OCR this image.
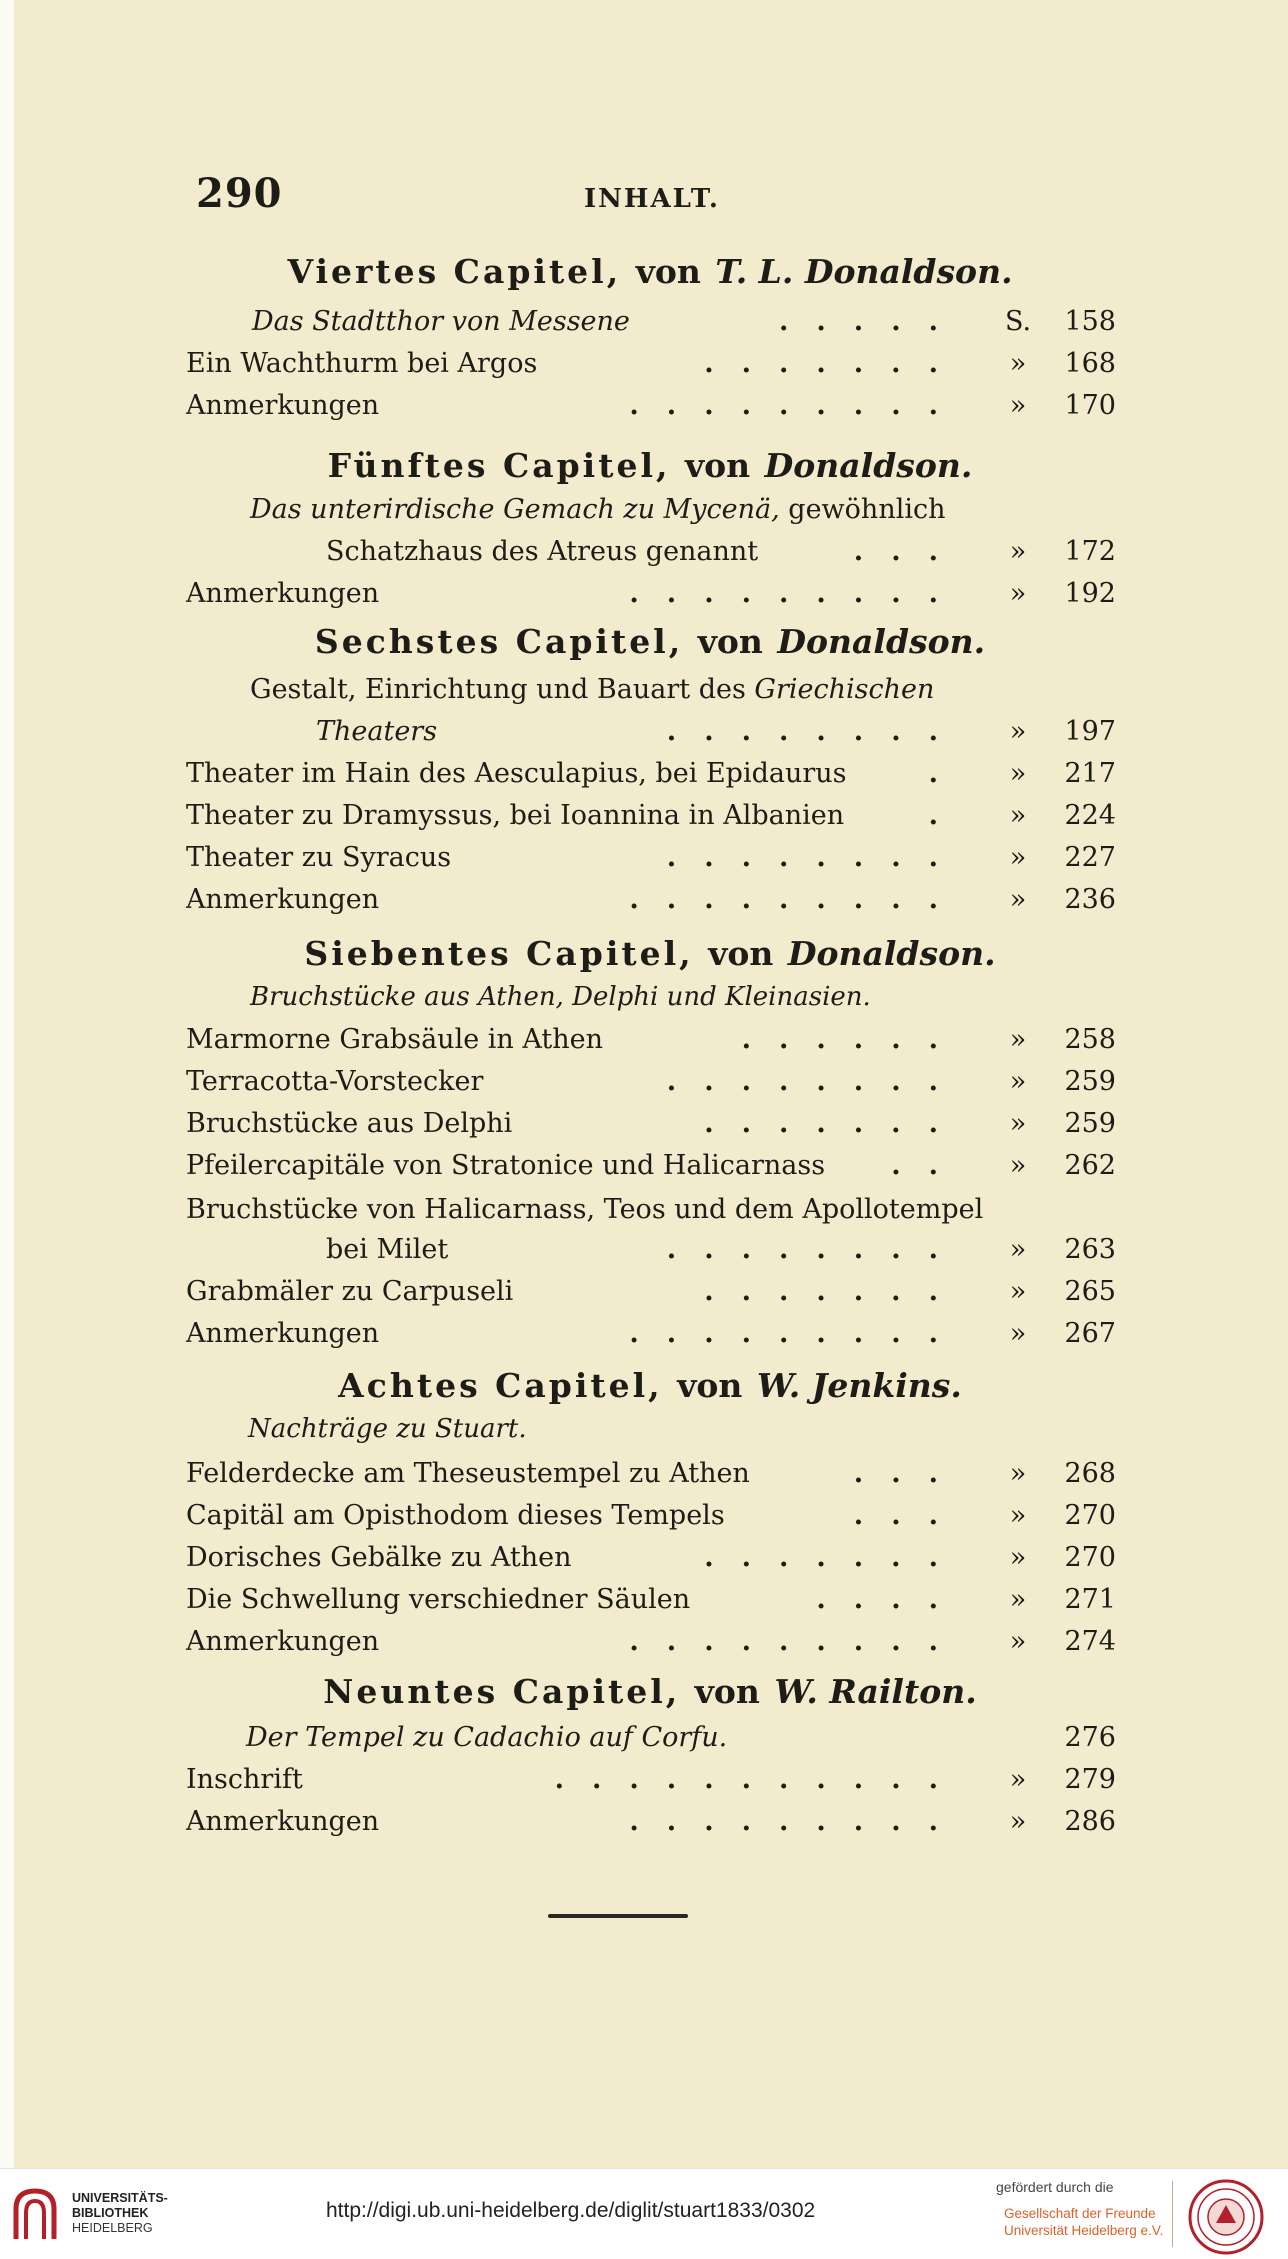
290	INHALT.
Viertes Capitel, von T. L. Donaldson.
Das Stadtthor von Messene	..... S.	158
Ein Wachthurm bei Argos	.......	»	168
Anmerkungen	.........	»	170
Fünftes Capitel, von Donaldson.
Das unterirdische Gemach zu Mycenä, gewöhnlich
Schatzhaus des Atreus genannt	...	»	172
Anmerkungen	.........	»	192
Sechstes Capitel, von Donaldson.
Gestalt, Einrichtung und Bauart des Griechischen
Theaters	........	»	197
Theater im Hain des Aesculapius, bei Epidaurus	.	»	217
Theater zu Dramyssus, bei Ioannina in Albanien	.	»	224
Theater zu Syracus	........	»	227
Anmerkungen	.........	»	236
Siebentes Capitel, von Donaldson.
Bruchstücke aus Athen, Delphi und Kleinasien.
Marmorne Grabsäule in Athen	......	»	258
Terracotta-Vorstecker	........	»	259
Bruchstücke aus Delphi	.......	»	259
Pfeilercapitäle von Stratonice und Halicarnass	..	»	262
Bruchstücke von Halicarnass, Teos und dem Apollotempel
bei Milet	........	»	263
Grabmäler zu Carpuseli	.......	»	265
Anmerkungen	.........	»	267
Achtes Capitel, von W. Jenkins.
Nachträge zu Stuart.
Felderdecke am Theseustempel zu Athen	...	»	268
Capitäl am Opisthodom dieses Tempels	...	»	270
Dorisches Gebälke zu Athen	.......	»	270
Die Schwellung verschiedner Säulen	....	»	271
Anmerkungen	.........	»	274
Neuntes Capitel, von W. Railton.
Der Tempel zu Cadachio auf Corfu.	276
Inschrift	...........	»	279
Anmerkungen	.........	»	286
UNIVERSITÄTS-
BIBLIOTHEK
HEIDELBERG
http://digi.ub.uni-heidelberg.de/diglit/stuart1833/0302
gefördert durch die
Gesellschaft der Freunde
Universität Heidelberg e.V.
